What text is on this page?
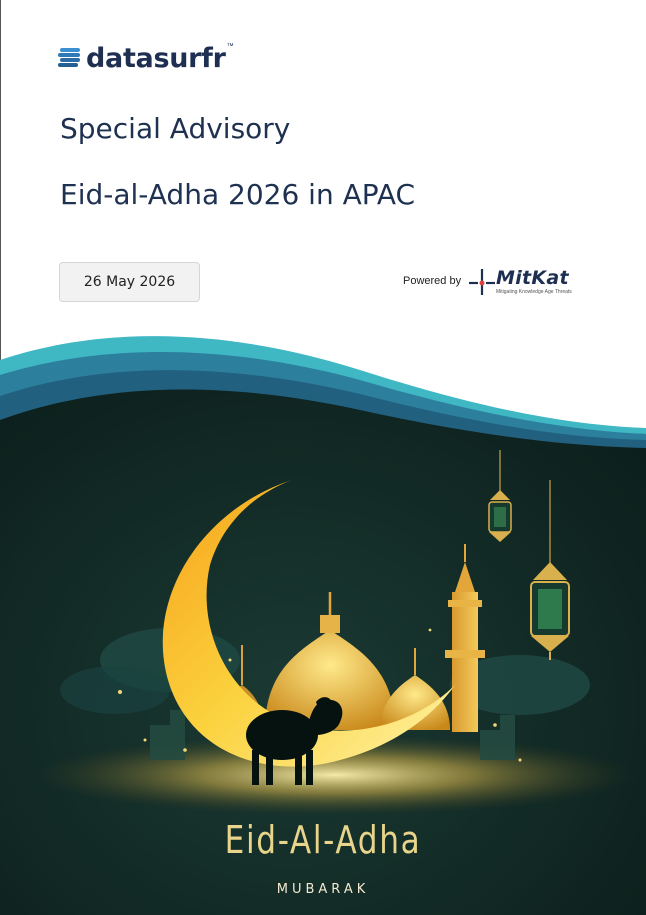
datasurfr ™
Special Advisory
Eid-al-Adha 2026 in APAC
26 May 2026	Powered by MitKat
Mitigating Knowledge Age Threats
Eid-Al-Adha
MUBARAK
